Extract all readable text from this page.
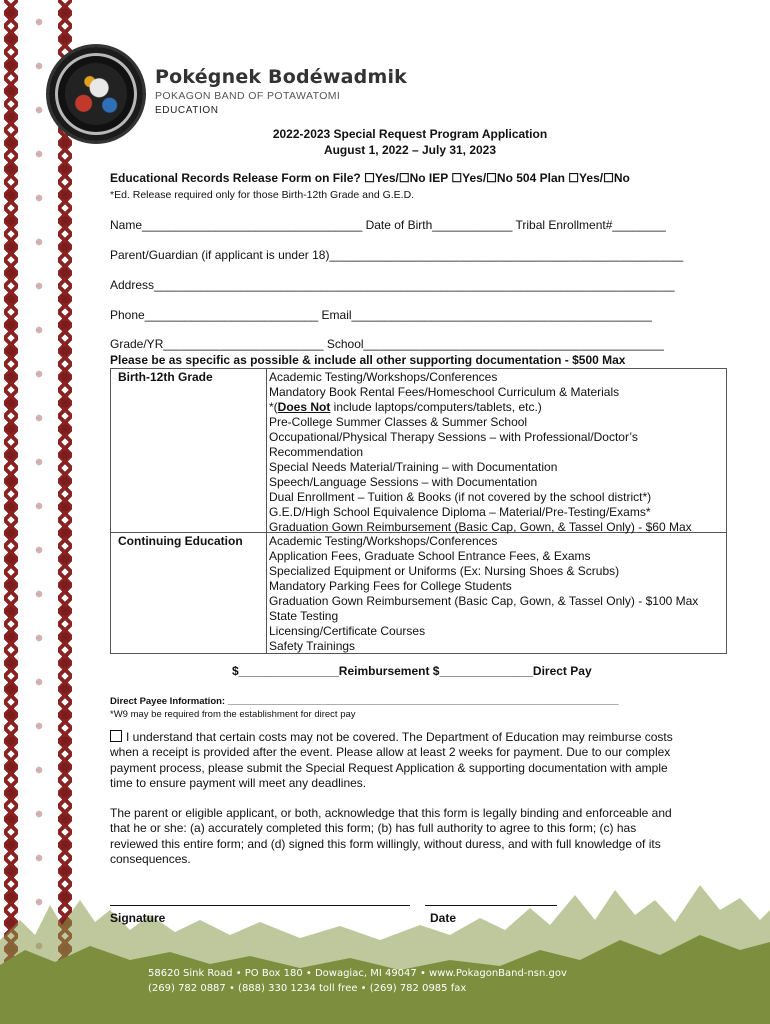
Pokégnek Bodéwadmik
POKAGON BAND OF POTAWATOMI
EDUCATION
2022-2023 Special Request Program Application
August 1, 2022 – July 31, 2023
Educational Records Release Form on File? ☐Yes/☐No IEP ☐Yes/☐No 504 Plan ☐Yes/☐No
*Ed. Release required only for those Birth-12th Grade and G.E.D.
Name_________________________________ Date of Birth____________ Tribal Enrollment#________
Parent/Guardian (if applicant is under 18)_____________________________________________________
Address______________________________________________________________________________
Phone__________________________ Email_____________________________________________
Grade/YR________________________ School_____________________________________________
Please be as specific as possible & include all other supporting documentation - $500 Max
Birth-12th Grade	Academic Testing/Workshops/Conferences
Mandatory Book Rental Fees/Homeschool Curriculum & Materials
*(Does Not include laptops/computers/tablets, etc.)
Pre-College Summer Classes & Summer School
Occupational/Physical Therapy Sessions – with Professional/Doctor’s
Recommendation
Special Needs Material/Training – with Documentation
Speech/Language Sessions – with Documentation
Dual Enrollment – Tuition & Books (if not covered by the school district*)
G.E.D/High School Equivalence Diploma – Material/Pre-Testing/Exams*
Graduation Gown Reimbursement (Basic Cap, Gown, & Tassel Only) - $60 Max
Continuing Education Academic Testing/Workshops/Conferences
Application Fees, Graduate School Entrance Fees, & Exams
Specialized Equipment or Uniforms (Ex: Nursing Shoes & Scrubs)
Mandatory Parking Fees for College Students
Graduation Gown Reimbursement (Basic Cap, Gown, & Tassel Only) - $100 Max
State Testing
Licensing/Certificate Courses
Safety Trainings
$_______________Reimbursement $______________Direct Pay
Direct Payee Information: __________________________________________________________________________
*W9 may be required from the establishment for direct pay
I understand that certain costs may not be covered. The Department of Education may reimburse costs
when a receipt is provided after the event. Please allow at least 2 weeks for payment. Due to our complex
payment process, please submit the Special Request Application & supporting documentation with ample
time to ensure payment will meet any deadlines.
The parent or eligible applicant, or both, acknowledge that this form is legally binding and enforceable and
that he or she: (a) accurately completed this form; (b) has full authority to agree to this form; (c) has
reviewed this entire form; and (d) signed this form willingly, without duress, and with full knowledge of its
consequences.
Signature	Date
58620 Sink Road • PO Box 180 • Dowagiac, MI 49047 • www.PokagonBand-nsn.gov
(269) 782 0887 • (888) 330 1234 toll free • (269) 782 0985 fax
